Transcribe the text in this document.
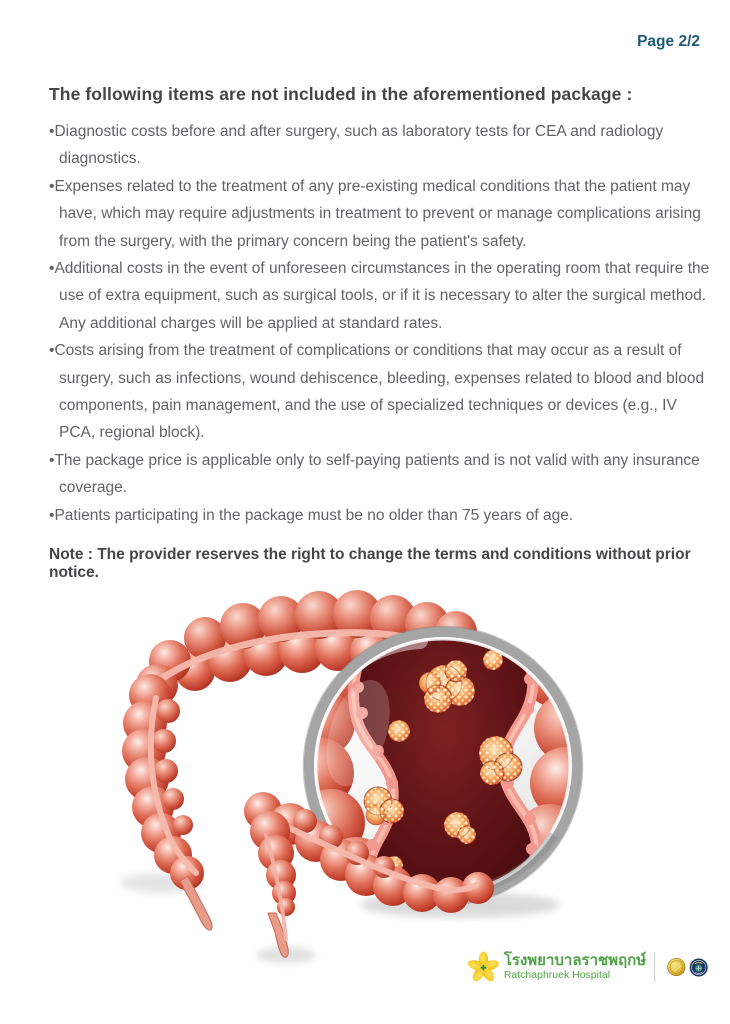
Page 2/2
The following items are not included in the aforementioned package :
• Diagnostic costs before and after surgery, such as laboratory tests for CEA and radiology diagnostics.
• Expenses related to the treatment of any pre-existing medical conditions that the patient may have, which may require adjustments in treatment to prevent or manage complications arising from the surgery, with the primary concern being the patient's safety.
• Additional costs in the event of unforeseen circumstances in the operating room that require the use of extra equipment, such as surgical tools, or if it is necessary to alter the surgical method. Any additional charges will be applied at standard rates.
• Costs arising from the treatment of complications or conditions that may occur as a result of surgery, such as infections, wound dehiscence, bleeding, expenses related to blood and blood components, pain management, and the use of specialized techniques or devices (e.g., IV PCA, regional block).
• The package price is applicable only to self-paying patients and is not valid with any insurance coverage.
• Patients participating in the package must be no older than 75 years of age.
Note : The provider reserves the right to change the terms and conditions without prior notice.
โรงพยาบาลราชพฤกษ์
Ratchaphruek Hospital
